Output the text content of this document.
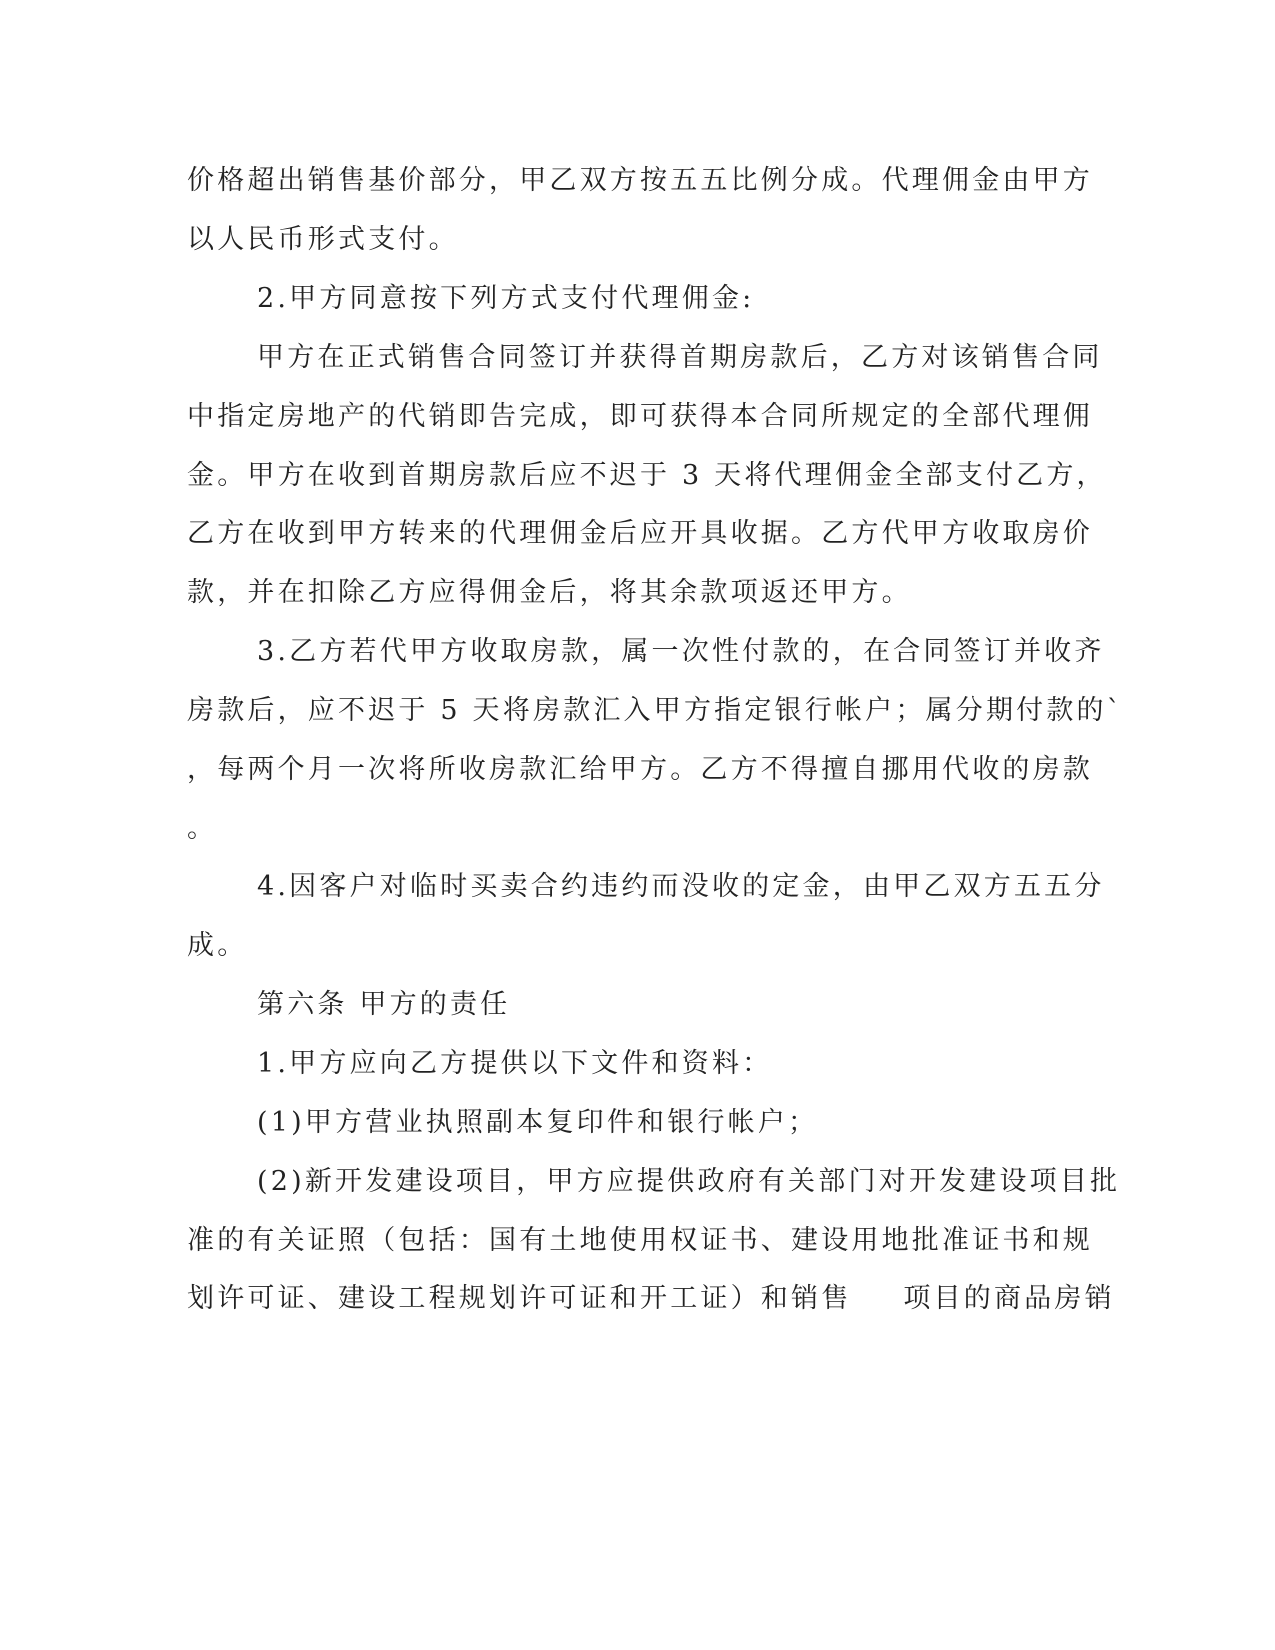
价格超出销售基价部分，甲乙双方按五五比例分成。代理佣金由甲方
以人民币形式支付。
2.甲方同意按下列方式支付代理佣金:
甲方在正式销售合同签订并获得首期房款后，乙方对该销售合同
中指定房地产的代销即告完成，即可获得本合同所规定的全部代理佣
金。甲方在收到首期房款后应不迟于 3 天将代理佣金全部支付乙方，
乙方在收到甲方转来的代理佣金后应开具收据。乙方代甲方收取房价
款，并在扣除乙方应得佣金后，将其余款项返还甲方。
3.乙方若代甲方收取房款，属一次性付款的，在合同签订并收齐
房款后，应不迟于 5 天将房款汇入甲方指定银行帐户；属分期付款的`
，每两个月一次将所收房款汇给甲方。乙方不得擅自挪用代收的房款
。
4.因客户对临时买卖合约违约而没收的定金，由甲乙双方五五分
成。
第六条 甲方的责任
1.甲方应向乙方提供以下文件和资料：
(1)甲方营业执照副本复印件和银行帐户；
(2)新开发建设项目，甲方应提供政府有关部门对开发建设项目批
准的有关证照（包括：国有土地使用权证书、建设用地批准证书和规
划许可证、建设工程规划许可证和开工证）和销售 项目的商品房销
